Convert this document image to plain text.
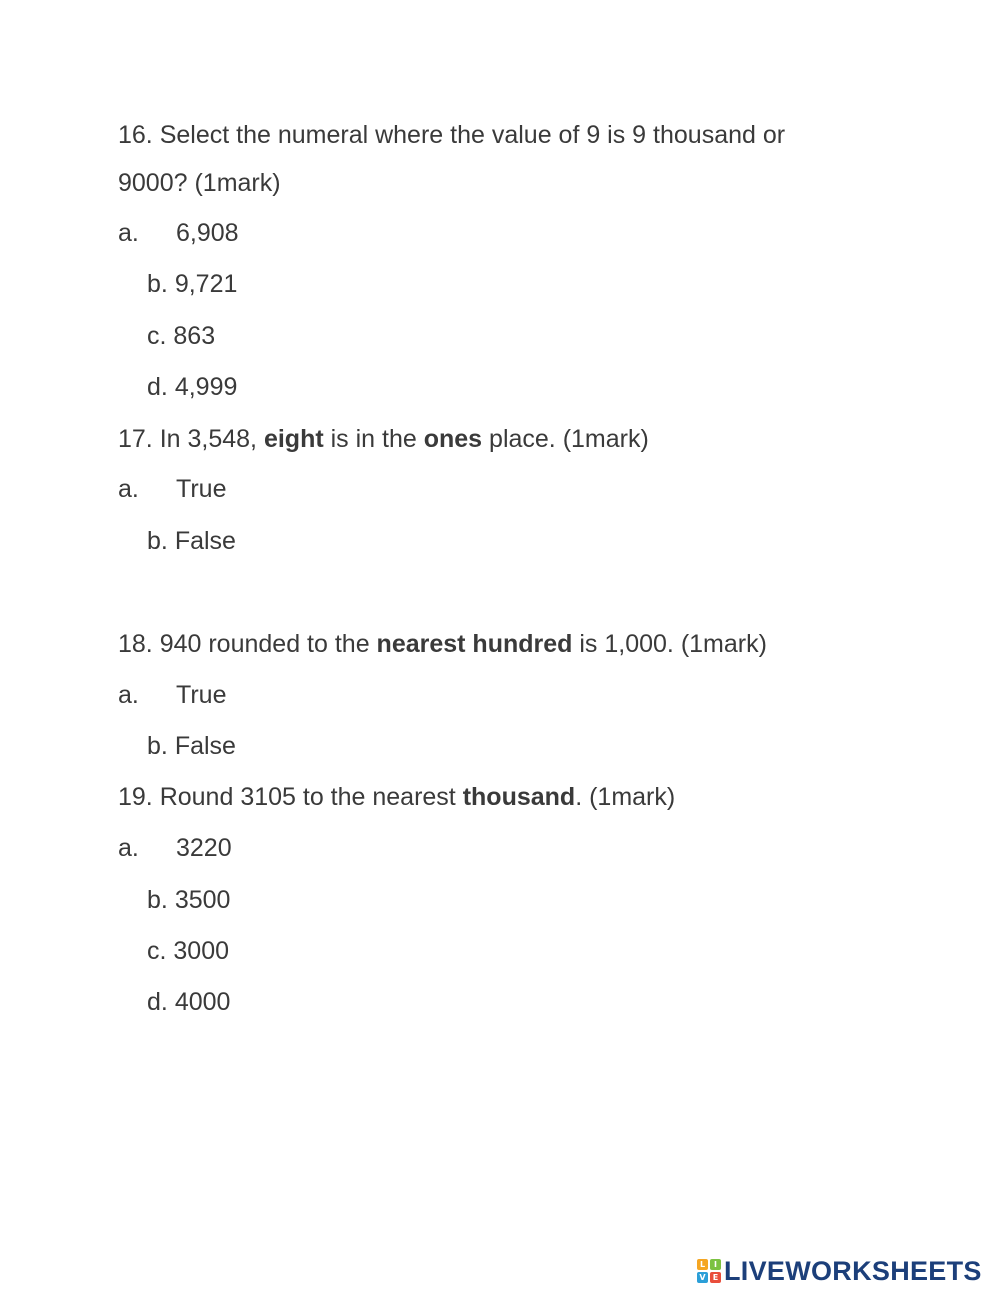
16. Select the numeral where the value of 9 is 9 thousand or
9000? (1mark)
a. 6,908
b. 9,721
c. 863
d. 4,999
17. In 3,548, eight is in the ones place. (1mark)
a. True
b. False
18. 940 rounded to the nearest hundred is 1,000. (1mark)
a. True
b. False
19. Round 3105 to the nearest thousand. (1mark)
a. 3220
b. 3500
c. 3000
d. 4000
L	I
V E LIVEWORKSHEETS
